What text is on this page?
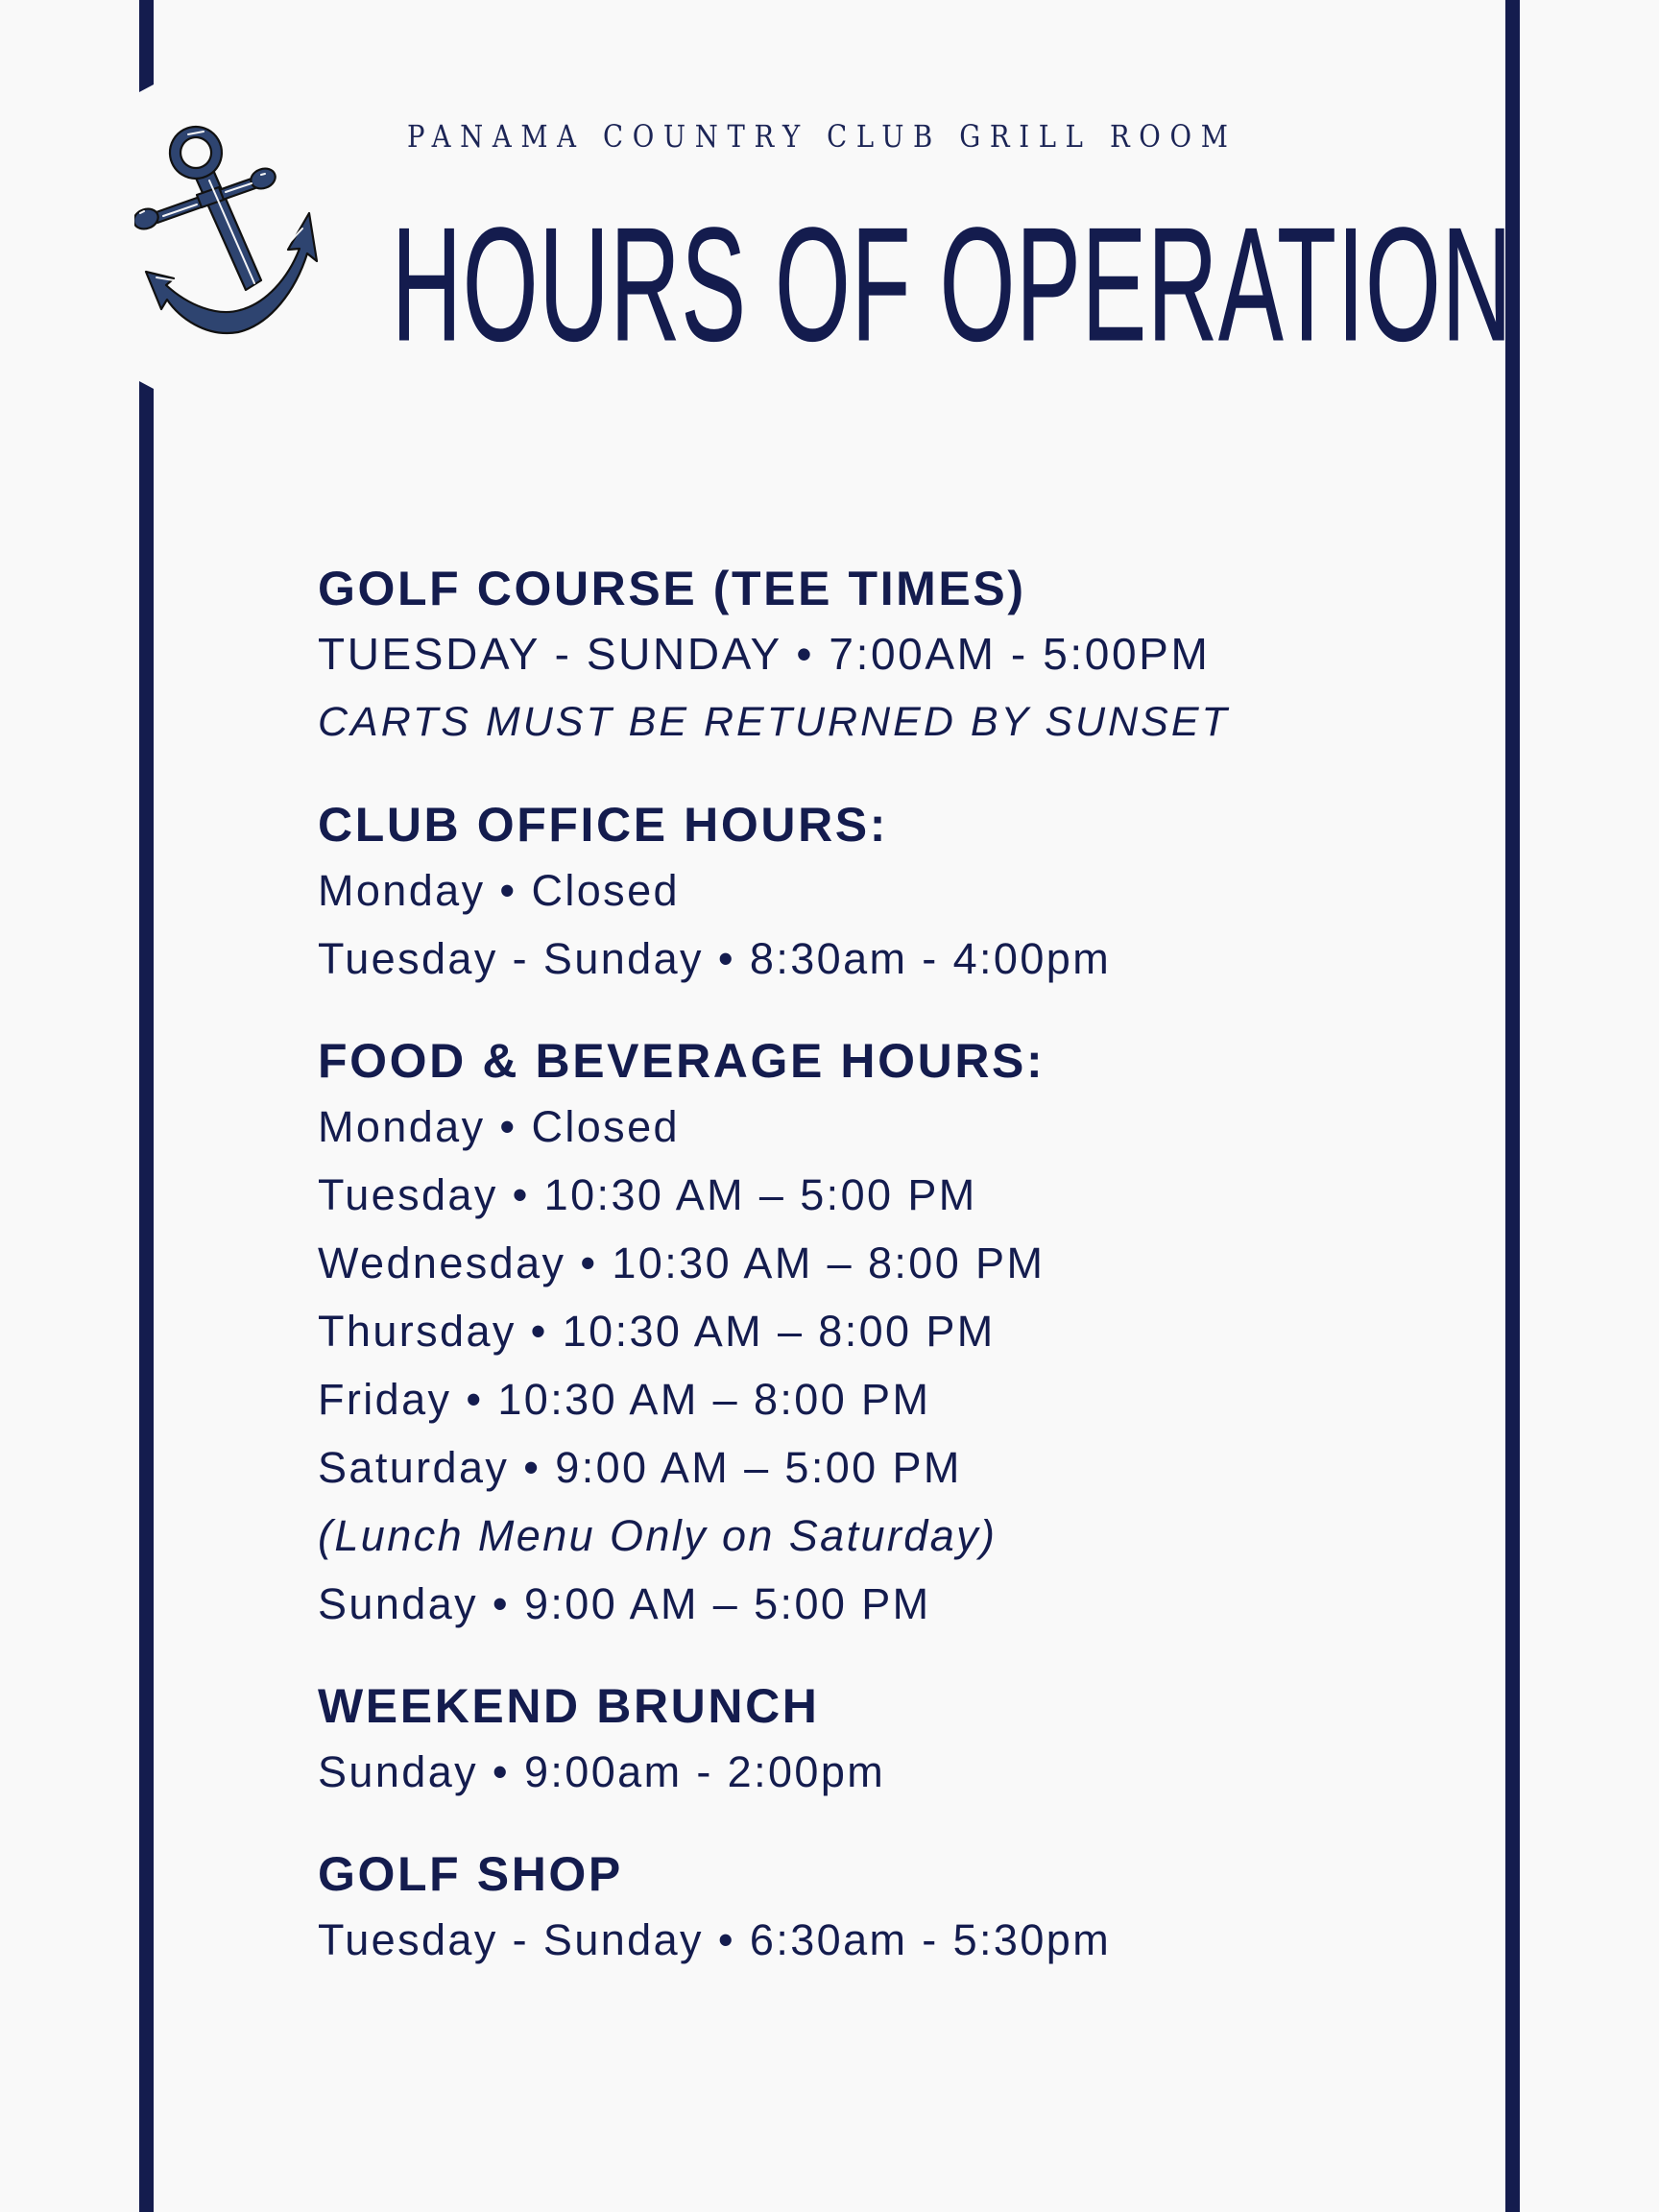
PANAMA COUNTRY CLUB GRILL ROOM
HOURS OF OPERATION
GOLF COURSE (TEE TIMES)
TUESDAY - SUNDAY • 7:00AM - 5:00PM
CARTS MUST BE RETURNED BY SUNSET
CLUB OFFICE HOURS:
Monday • Closed
Tuesday - Sunday • 8:30am - 4:00pm
FOOD & BEVERAGE HOURS:
Monday • Closed
Tuesday • 10:30 AM – 5:00 PM
Wednesday • 10:30 AM – 8:00 PM
Thursday • 10:30 AM – 8:00 PM
Friday • 10:30 AM – 8:00 PM
Saturday • 9:00 AM – 5:00 PM
(Lunch Menu Only on Saturday)
Sunday • 9:00 AM – 5:00 PM
WEEKEND BRUNCH
Sunday • 9:00am - 2:00pm
GOLF SHOP
Tuesday - Sunday • 6:30am - 5:30pm
